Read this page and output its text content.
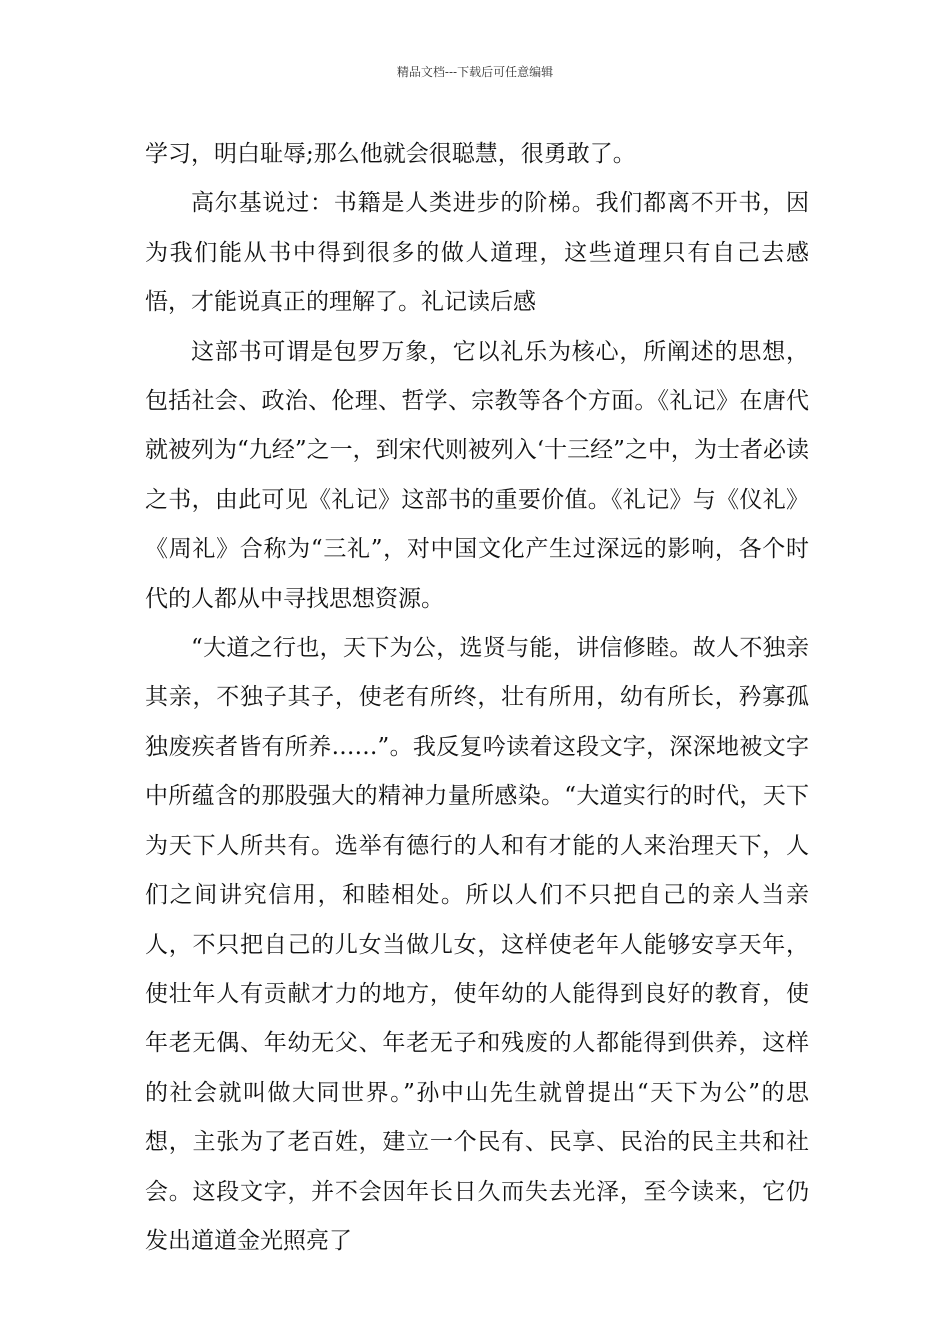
精品文档---下载后可任意编辑

学习，明白耻辱;那么他就会很聪慧，很勇敢了。

高尔基说过：书籍是人类进步的阶梯。我们都离不开书，因为我们能从书中得到很多的做人道理，这些道理只有自己去感悟，才能说真正的理解了。礼记读后感

这部书可谓是包罗万象，它以礼乐为核心，所阐述的思想，包括社会、政治、伦理、哲学、宗教等各个方面。《礼记》在唐代就被列为“九经”之一，到宋代则被列入‘十三经”之中，为士者必读之书，由此可见《礼记》这部书的重要价值。《礼记》与《仪礼》《周礼》合称为“三礼”，对中国文化产生过深远的影响，各个时代的人都从中寻找思想资源。

“大道之行也，天下为公，选贤与能，讲信修睦。故人不独亲其亲，不独子其子，使老有所终，壮有所用，幼有所长，矜寡孤独废疾者皆有所养……”。我反复吟读着这段文字，深深地被文字中所蕴含的那股强大的精神力量所感染。“大道实行的时代，天下为天下人所共有。选举有德行的人和有才能的人来治理天下，人们之间讲究信用，和睦相处。所以人们不只把自己的亲人当亲人，不只把自己的儿女当做儿女，这样使老年人能够安享天年，使壮年人有贡献才力的地方，使年幼的人能得到良好的教育，使年老无偶、年幼无父、年老无子和残废的人都能得到供养，这样的社会就叫做大同世界。”孙中山先生就曾提出“天下为公”的思想，主张为了老百姓，建立一个民有、民享、民治的民主共和社会。这段文字，并不会因年长日久而失去光泽，至今读来，它仍发出道道金光照亮了
